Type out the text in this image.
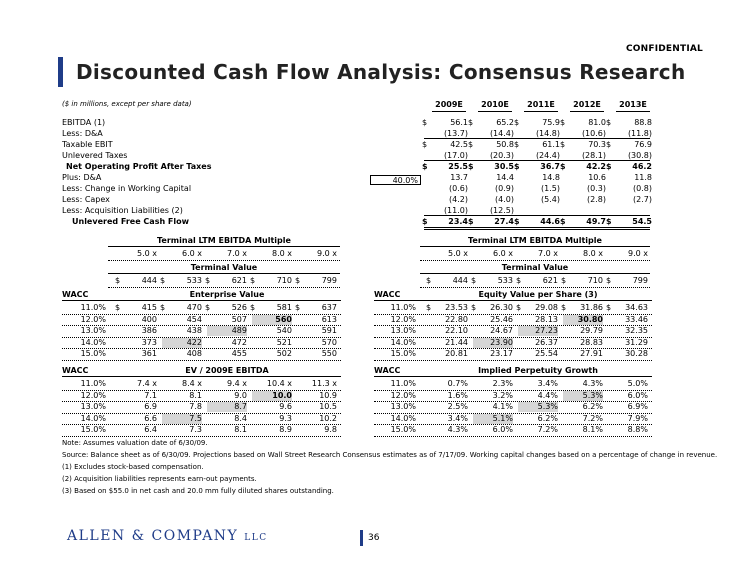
CONFIDENTIAL
Discounted Cash Flow Analysis: Consensus Research
($ in millions, except per share data)	2009E	2010E	2011E	2012E	2013E
EBITDA (1)	$	56.1 $	65.2 $	75.9 $	81.0 $	88.8
Less: D&A	(13.7)	(14.4)	(14.8)	(10.6)	(11.8)
Taxable EBIT	$	42.5 $	50.8 $	61.1 $	70.3 $	76.9
Unlevered Taxes	(17.0)	(20.3)	(24.4)	(28.1)	(30.8)
Net Operating Profit After Taxes	$	25.5 $	30.5 $	36.7 $	42.2 $	46.2
Plus: D&A	13.7	14.4	14.8	10.6	11.8
Less: Change in Working Capital	(0.6)	(0.9)	(1.5)	(0.3)	(0.8)
Less: Capex	(4.2)	(4.0)	(5.4)	(2.8)	(2.7)
Less: Acquisition Liabilities (2)	(11.0)	(12.5)
Unlevered Free Cash Flow	$	23.4 $	27.4 $	44.6 $	49.7 $	54.5
40.0%
Terminal LTM EBITDA Multiple
5.0 x	6.0 x	7.0 x	8.0 x	9.0 x
Terminal Value
$	444 $	533 $	621 $	710 $	799
Terminal LTM EBITDA Multiple
5.0 x	6.0 x	7.0 x	8.0 x	9.0 x
Terminal Value
$	444 $	533 $	621 $	710 $	799
WACC	Enterprise Value
11.0% $	415 $	470 $	526 $	581 $	637
12.0%	400	454	507	560	613
13.0%	386	438	489	540	591
14.0%	373	422	472	521	570
15.0%	361	408	455	502	550
WACC	Equity Value per Share (3)
11.0% $	23.53 $	26.30 $	29.08 $	31.86 $	34.63
12.0%	22.80	25.46	28.13	30.80	33.46
13.0%	22.10	24.67	27.23	29.79	32.35
14.0%	21.44	23.90	26.37	28.83	31.29
15.0%	20.81	23.17	25.54	27.91	30.28
WACC	EV / 2009E EBITDA
11.0%	7.4 x	8.4 x	9.4 x	10.4 x	11.3 x
12.0%	7.1	8.1	9.0	10.0	10.9
13.0%	6.9	7.8	8.7	9.6	10.5
14.0%	6.6	7.5	8.4	9.3	10.2
15.0%	6.4	7.3	8.1	8.9	9.8
WACC	Implied Perpetuity Growth
11.0%	0.7%	2.3%	3.4%	4.3%	5.0%
12.0%	1.6%	3.2%	4.4%	5.3%	6.0%
13.0%	2.5%	4.1%	5.3%	6.2%	6.9%
14.0%	3.4%	5.1%	6.2%	7.2%	7.9%
15.0%	4.3%	6.0%	7.2%	8.1%	8.8%
Note: Assumes valuation date of 6/30/09.
Source: Balance sheet as of 6/30/09. Projections based on Wall Street Research Consensus estimates as of 7/17/09. Working capital changes based on a percentage of change in revenue.
(1) Excludes stock-based compensation.
(2) Acquisition liabilities represents earn-out payments.
(3) Based on $55.0 in net cash and 20.0 mm fully diluted shares outstanding.
ALLEN & COMPANY LLC	36
